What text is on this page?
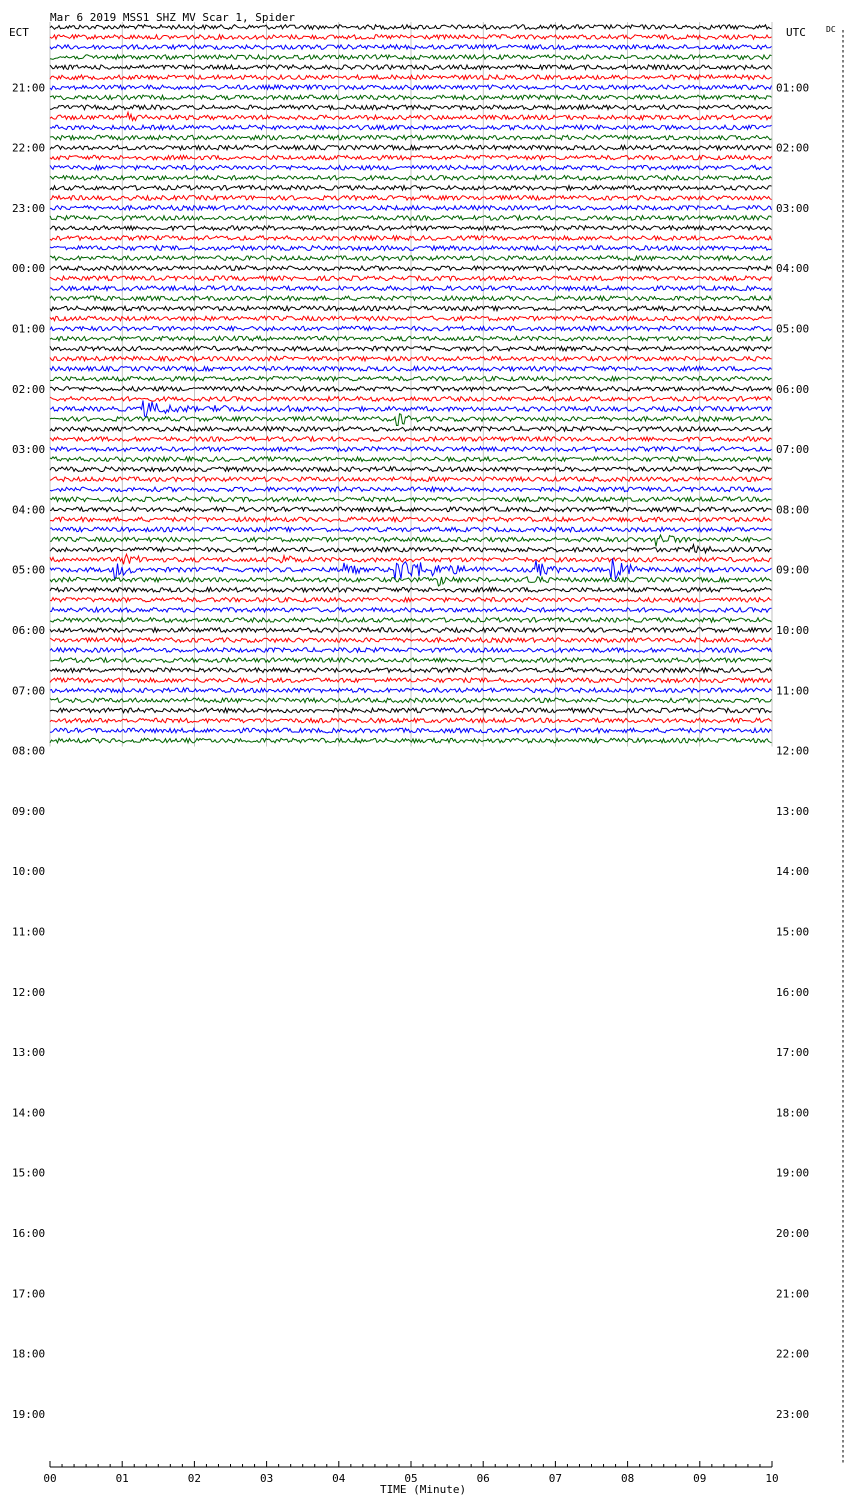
Mar 6 2019 MSS1 SHZ MV Scar 1, Spider
ECT	UTC	DC
TIME (Minute)
21:00
22:00
23:00
00:00
01:00
02:00
03:00
04:00
05:00
06:00
07:00
08:00
09:00
10:00
11:00
12:00
13:00
14:00
15:00
16:00
17:00
18:00
19:00
01:00
02:00
03:00
04:00
05:00
06:00
07:00
08:00
09:00
10:00
11:00
12:00
13:00
14:00
15:00
16:00
17:00
18:00
19:00
20:00
21:00
22:00
23:00
00	01	02	03	04	05	06	07	08	09	10
